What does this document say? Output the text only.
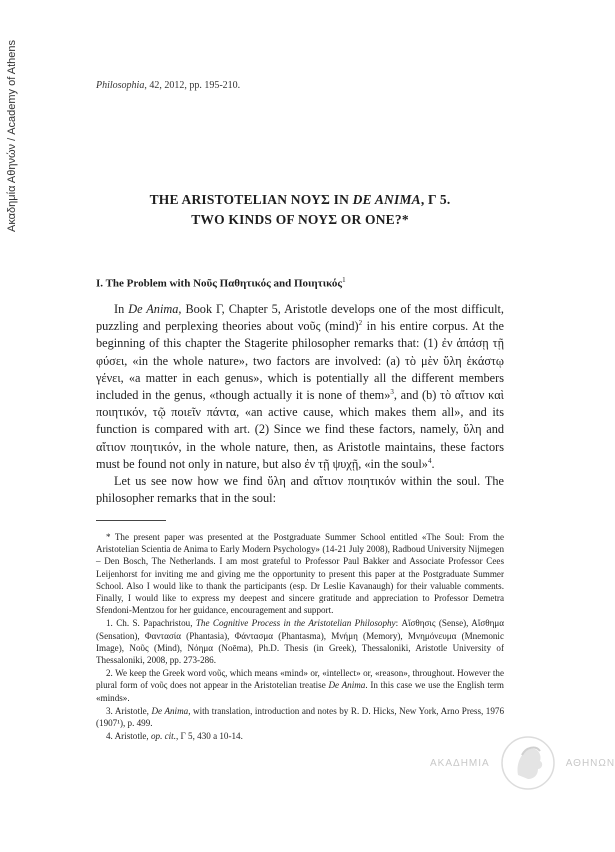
Ακαδημία Αθηνών / Academy of Athens	Philosophia, 42, 2012, pp. 195-210.
THE ARISTOTELIAN ΝΟΥΣ IN DE ANIMA, Γ 5.
TWO KINDS OF ΝΟΥΣ OR ONE?*
I. The Problem with Νοῦς Παθητικός and Ποιητικός$^1$

In De Anima, Book Γ, Chapter 5, Aristotle develops one of the most difficult, puzzling and perplexing theories about νοῦς $(\min d)^2$ in his entire corpus. At the beginning of this chapter the Stagerite philosopher remarks that: (1) ἐν ἁπάσῃ τῇ φύσει, «in the whole nature», two factors are involved: (a) τὸ μὲν ὕλη ἑκάστῳ γένει, «a matter in each genus», which is potentially all the different members included in the genus, «though actually it is none of them»$^3$, and (b) τὸ αἴτιον καὶ ποιητικόν, τῷ ποιεῖν πάντα, «an active cause, which makes them all», and its function is compared with art. (2) Since we find these factors, namely, ὕλη and αἴτιον ποιητικόν, in the whole nature, then, as Aristotle maintains, these factors must be found not only in nature, but also ἐν τῇ ψυχῇ, «in the soul»$^4$.

Let us see now how we find ὕλη and αἴτιον ποιητικόν within the soul. The philosopher remarks that in the soul:

* The present paper was presented at the Postgraduate Summer School entitled «The Soul: From the Aristotelian Scientia de Anima to Early Modern Psychology» (14-21 July 2008), Radboud University Nijmegen – Den Bosch, The Netherlands. I am most grateful to Professor Paul Bakker and Associate Professor Cees Leijenhorst for inviting me and giving me the opportunity to present this paper at the Postgraduate Summer School. Also I would like to thank the participants (esp. Dr Leslie Kavanaugh) for their valuable comments. Finally, I would like to express my deepest and sincere gratitude and appreciation to Professor Demetra Sfendoni-Mentzou for her guidance, encouragement and support.

1. Ch. S. Papachristou, The Cognitive Process in the Aristotelian Philosophy: Αἴσθησις (Sense), Αἴσθημα (Sensation), Φαντασία (Phantasia), Φάντασμα (Phantasma), Μνήμη (Memory), Μνημόνευμα (Mnemonic Image), Νοῦς (Mind), Νόημα (Noēma), Ph.D. Thesis (in Greek), Thessaloniki, Aristotle University of Thessaloniki, 2008, pp. 273-286.

2. We keep the Greek word νοῦς, which means «mind» or, «intellect» or, «reason», throughout. However the plural form of νοῦς does not appear in the Aristotelian treatise De Anima. In this case we use the English term «minds».

3. Aristotle, De Anima, with translation, introduction and notes by R. D. Hicks, New York, Arno Press, 1976 (1907¹), p. 499.

4. Aristotle, op. cit., Γ 5, 430 a 10-14.

ΑΚΑΔΗΜΙΑ	ΑΘΗΝΩΝ
